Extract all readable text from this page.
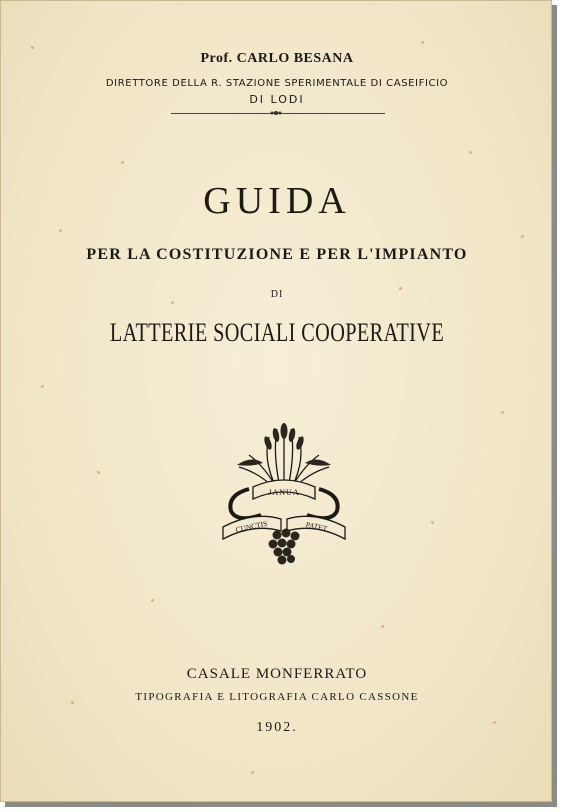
Prof. CARLO BESANA
DIRETTORE DELLA R. STAZIONE SPERIMENTALE DI CASEIFICIO
DI LODI
GUIDA
PER LA COSTITUZIONE E PER L'IMPIANTO
DI
LATTERIE SOCIALI COOPERATIVE
JANUA
CUNCTIS	PATET
CASALE MONFERRATO
TIPOGRAFIA E LITOGRAFIA CARLO CASSONE
1902.
